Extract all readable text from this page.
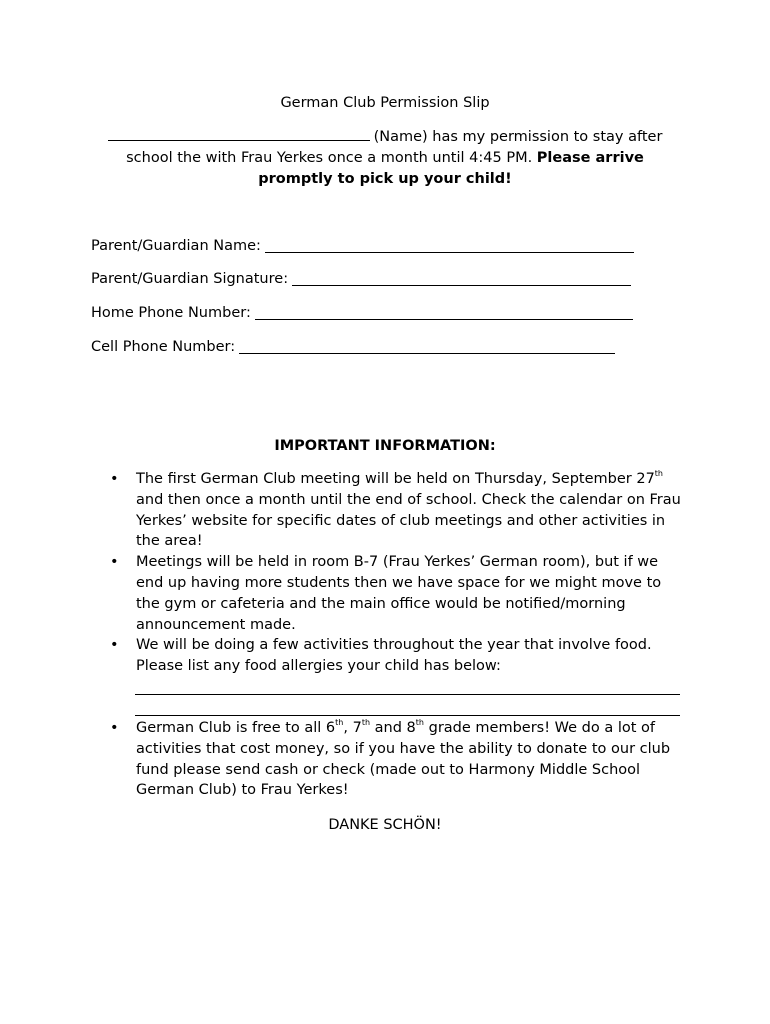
German Club Permission Slip
(Name) has my permission to stay after school the with Frau Yerkes once a month until 4:45 PM. Please arrive promptly to pick up your child!
Parent/Guardian Name:
Parent/Guardian Signature:
Home Phone Number:
Cell Phone Number:
IMPORTANT INFORMATION:
• The first German Club meeting will be held on Thursday, September 27th and then once a month until the end of school. Check the calendar on Frau Yerkes’ website for specific dates of club meetings and other activities in the area!
• Meetings will be held in room B-7 (Frau Yerkes’ German room), but if we end up having more students then we have space for we might move to the gym or cafeteria and the main office would be notified/morning announcement made.
• We will be doing a few activities throughout the year that involve food. Please list any food allergies your child has below:
• German Club is free to all 6th, 7th and 8th grade members! We do a lot of activities that cost money, so if you have the ability to donate to our club fund please send cash or check (made out to Harmony Middle School German Club) to Frau Yerkes!
DANKE SCHÖN!
